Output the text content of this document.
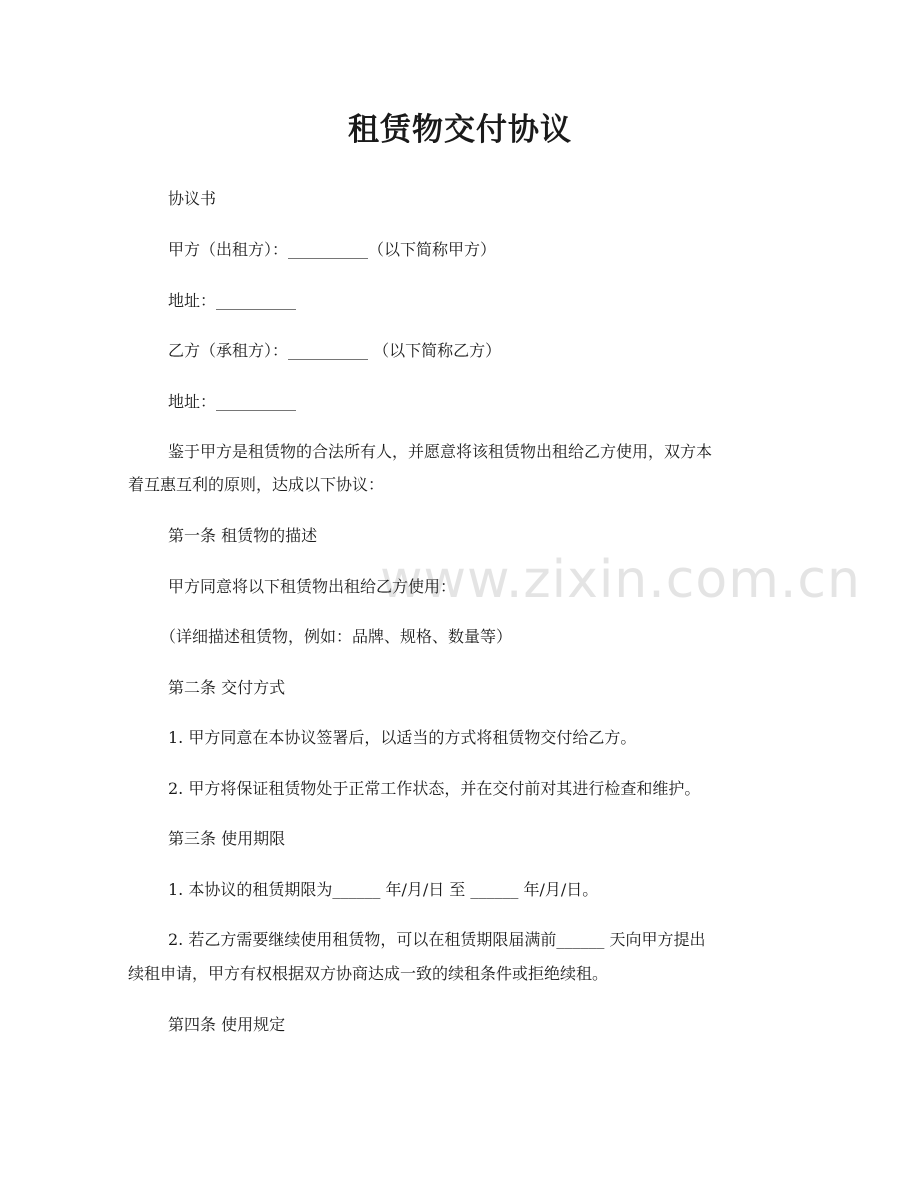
www.zixin.com.cn
租赁物交付协议

协议书

甲方（出租方）：__________（以下简称甲方）

地址：__________

乙方（承租方）：__________ （以下简称乙方）

地址：__________

鉴于甲方是租赁物的合法所有人，并愿意将该租赁物出租给乙方使用，双方本

着互惠互利的原则，达成以下协议：

第一条 租赁物的描述

甲方同意将以下租赁物出租给乙方使用：

（详细描述租赁物，例如：品牌、规格、数量等）

第二条 交付方式

1. 甲方同意在本协议签署后，以适当的方式将租赁物交付给乙方。

2. 甲方将保证租赁物处于正常工作状态，并在交付前对其进行检查和维护。

第三条 使用期限

1. 本协议的租赁期限为______ 年/月/日 至 ______ 年/月/日。

2. 若乙方需要继续使用租赁物，可以在租赁期限届满前______ 天向甲方提出

续租申请，甲方有权根据双方协商达成一致的续租条件或拒绝续租。

第四条 使用规定
